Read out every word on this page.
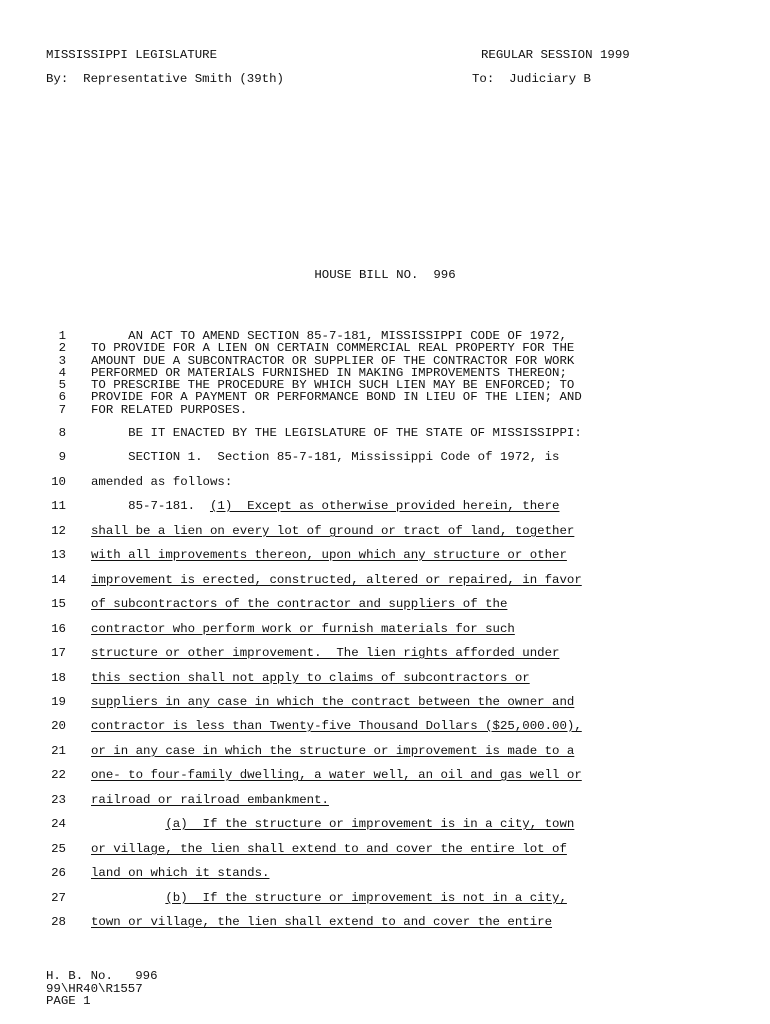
MISSISSIPPI LEGISLATURE	REGULAR SESSION 1999
By:  Representative Smith (39th)	To:  Judiciary B
HOUSE BILL NO.  996
1
2
3
4
5
6
7
AN ACT TO AMEND SECTION 85-7-181, MISSISSIPPI CODE OF 1972,
TO PROVIDE FOR A LIEN ON CERTAIN COMMERCIAL REAL PROPERTY FOR THE
AMOUNT DUE A SUBCONTRACTOR OR SUPPLIER OF THE CONTRACTOR FOR WORK
PERFORMED OR MATERIALS FURNISHED IN MAKING IMPROVEMENTS THEREON;
TO PRESCRIBE THE PROCEDURE BY WHICH SUCH LIEN MAY BE ENFORCED; TO
PROVIDE FOR A PAYMENT OR PERFORMANCE BOND IN LIEU OF THE LIEN; AND
FOR RELATED PURPOSES.
8 BE IT ENACTED BY THE LEGISLATURE OF THE STATE OF MISSISSIPPI:
9 SECTION 1.  Section 85-7-181, Mississippi Code of 1972, is
10 amended as follows:
11 85-7-181.  (1)  Except as otherwise provided herein, there
12 shall be a lien on every lot of ground or tract of land, together
13 with all improvements thereon, upon which any structure or other
14 improvement is erected, constructed, altered or repaired, in favor
15 of subcontractors of the contractor and suppliers of the
16 contractor who perform work or furnish materials for such
17 structure or other improvement.  The lien rights afforded under
18 this section shall not apply to claims of subcontractors or
19 suppliers in any case in which the contract between the owner and
20 contractor is less than Twenty-five Thousand Dollars ($25,000.00),
21 or in any case in which the structure or improvement is made to a
22 one- to four-family dwelling, a water well, an oil and gas well or
23 railroad or railroad embankment.
24	(a)  If the structure or improvement is in a city, town
25 or village, the lien shall extend to and cover the entire lot of
26 land on which it stands.
27	(b)  If the structure or improvement is not in a city,
28 town or village, the lien shall extend to and cover the entire
H. B. No.   996
99\HR40\R1557
PAGE 1
